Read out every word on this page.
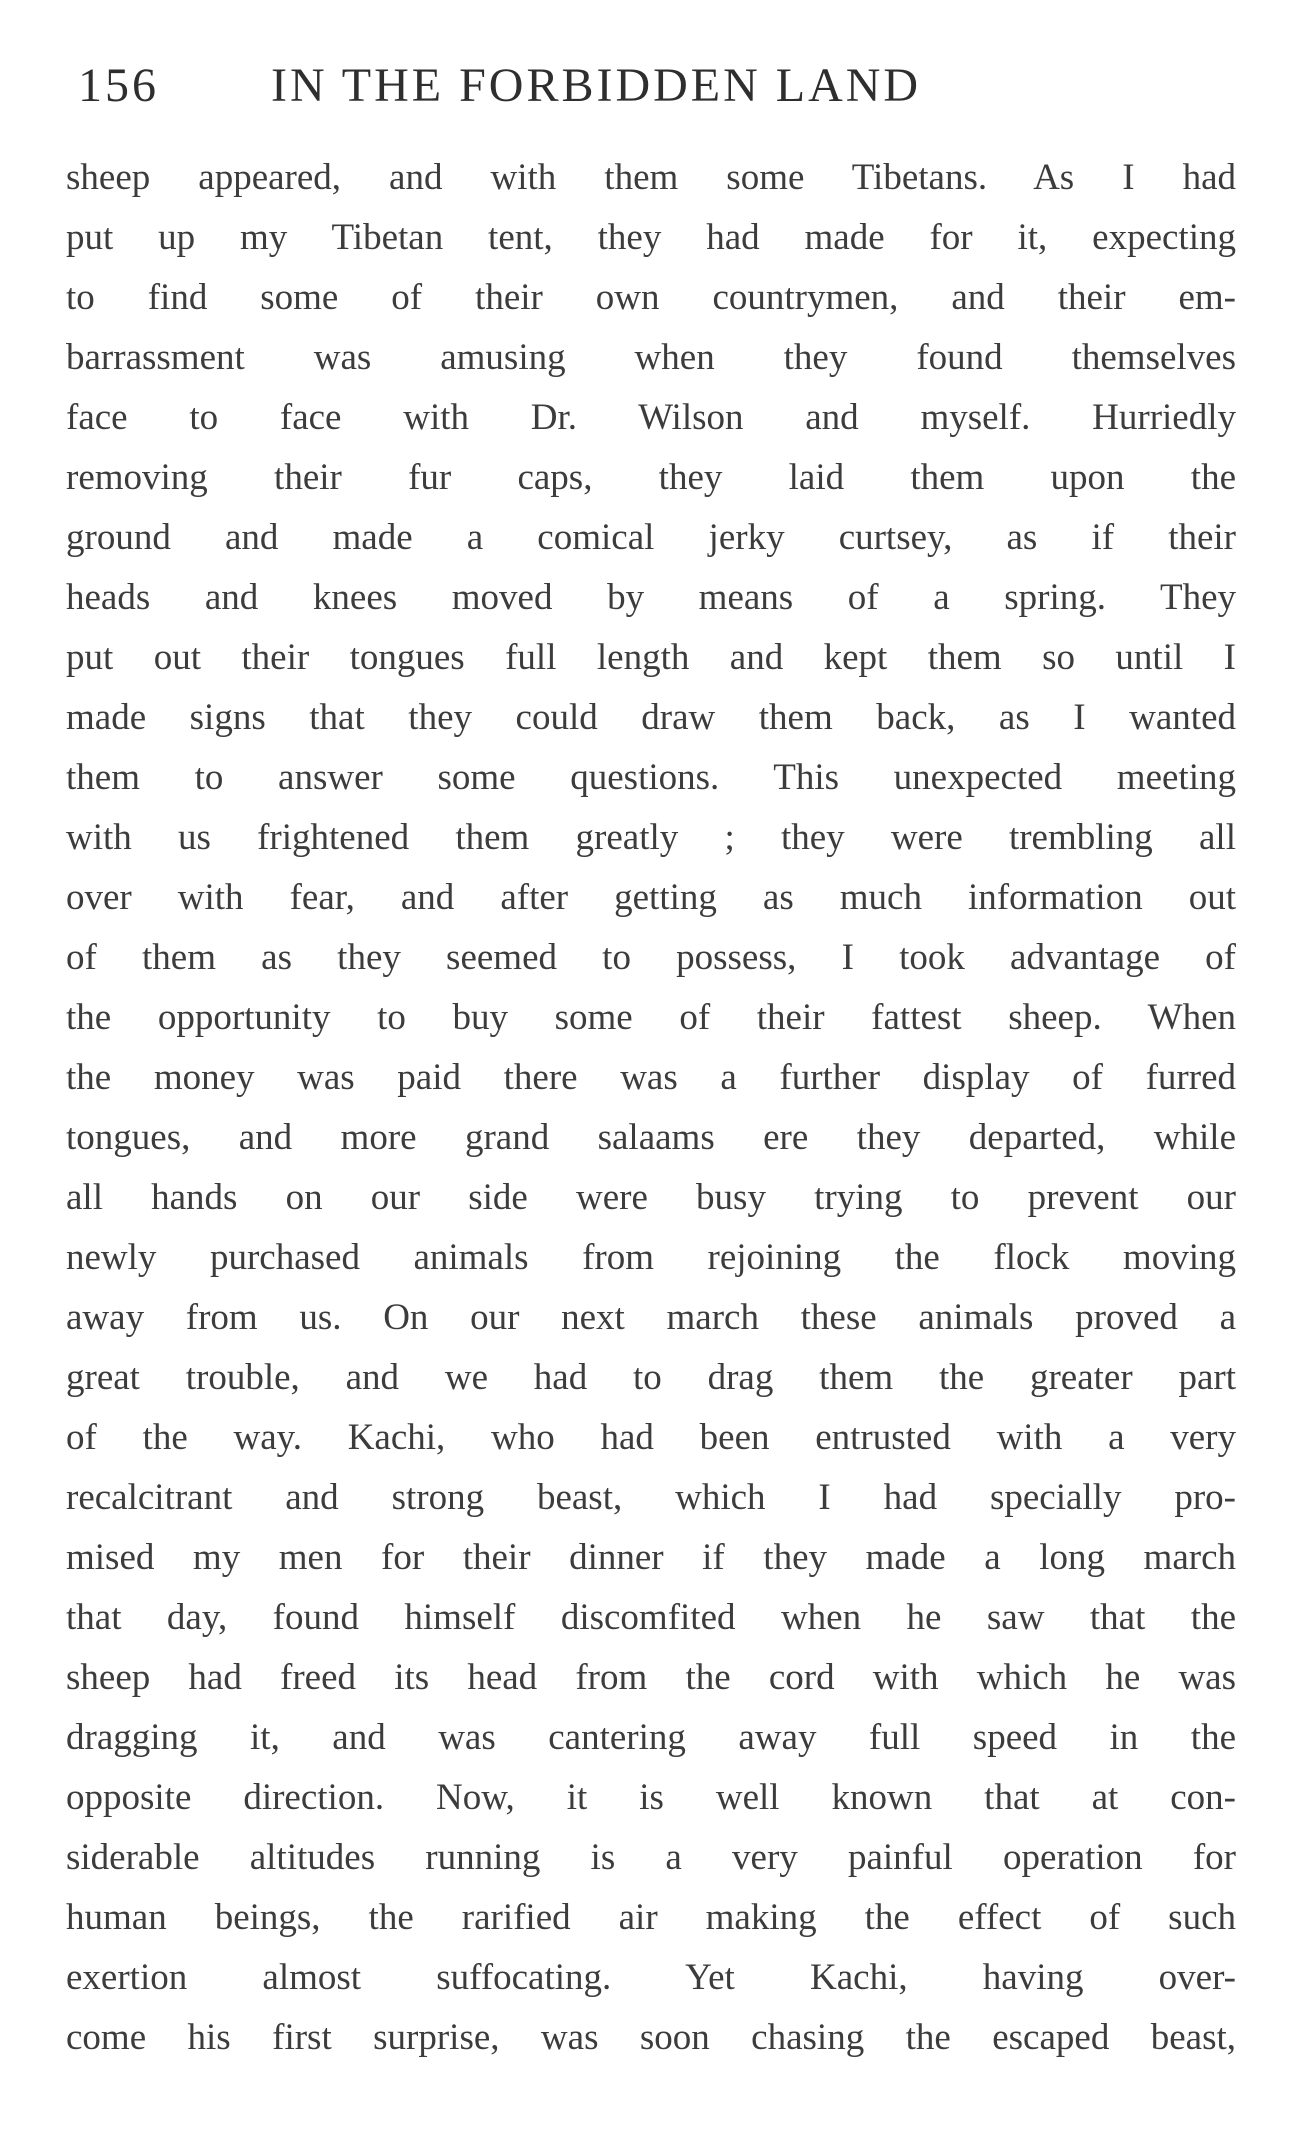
156 IN THE FORBIDDEN LAND
sheep appeared, and with them some Tibetans. As I had
put up my Tibetan tent, they had made for it, expecting
to find some of their own countrymen, and their em-
barrassment was amusing when they found themselves
face to face with Dr. Wilson and myself. Hurriedly
removing their fur caps, they laid them upon the
ground and made a comical jerky curtsey, as if their
heads and knees moved by means of a spring. They
put out their tongues full length and kept them so until I
made signs that they could draw them back, as I wanted
them to answer some questions. This unexpected meeting
with us frightened them greatly ; they were trembling all
over with fear, and after getting as much information out
of them as they seemed to possess, I took advantage of
the opportunity to buy some of their fattest sheep. When
the money was paid there was a further display of furred
tongues, and more grand salaams ere they departed, while
all hands on our side were busy trying to prevent our
newly purchased animals from rejoining the flock moving
away from us. On our next march these animals proved a
great trouble, and we had to drag them the greater part
of the way. Kachi, who had been entrusted with a very
recalcitrant and strong beast, which I had specially pro-
mised my men for their dinner if they made a long march
that day, found himself discomfited when he saw that the
sheep had freed its head from the cord with which he was
dragging it, and was cantering away full speed in the
opposite direction. Now, it is well known that at con-
siderable altitudes running is a very painful operation for
human beings, the rarified air making the effect of such
exertion almost suffocating. Yet Kachi, having over-
come his first surprise, was soon chasing the escaped beast,
